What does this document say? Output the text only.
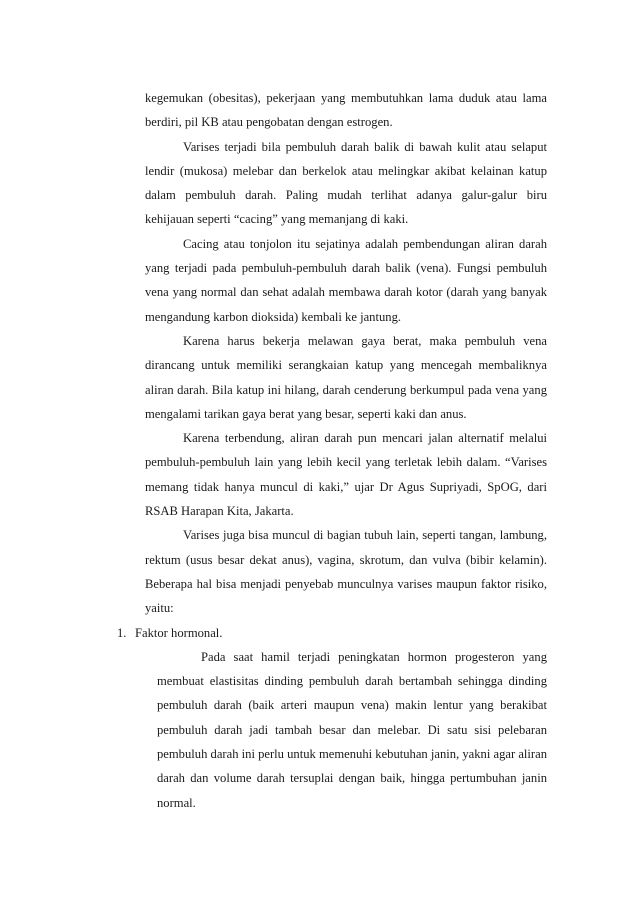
kegemukan (obesitas), pekerjaan yang membutuhkan lama duduk atau lama berdiri, pil KB atau pengobatan dengan estrogen.

Varises terjadi bila pembuluh darah balik di bawah kulit atau selaput lendir (mukosa) melebar dan berkelok atau melingkar akibat kelainan katup dalam pembuluh darah. Paling mudah terlihat adanya galur-galur biru kehijauan seperti “cacing” yang memanjang di kaki.

Cacing atau tonjolon itu sejatinya adalah pembendungan aliran darah yang terjadi pada pembuluh-pembuluh darah balik (vena). Fungsi pembuluh vena yang normal dan sehat adalah membawa darah kotor (darah yang banyak mengandung karbon dioksida) kembali ke jantung.

Karena harus bekerja melawan gaya berat, maka pembuluh vena dirancang untuk memiliki serangkaian katup yang mencegah membaliknya aliran darah. Bila katup ini hilang, darah cenderung berkumpul pada vena yang mengalami tarikan gaya berat yang besar, seperti kaki dan anus.

Karena terbendung, aliran darah pun mencari jalan alternatif melalui pembuluh-pembuluh lain yang lebih kecil yang terletak lebih dalam. “Varises memang tidak hanya muncul di kaki,” ujar Dr Agus Supriyadi, SpOG, dari RSAB Harapan Kita, Jakarta.

Varises juga bisa muncul di bagian tubuh lain, seperti tangan, lambung, rektum (usus besar dekat anus), vagina, skrotum, dan vulva (bibir kelamin). Beberapa hal bisa menjadi penyebab munculnya varises maupun faktor risiko, yaitu:

1. Faktor hormonal.

Pada saat hamil terjadi peningkatan hormon progesteron yang membuat elastisitas dinding pembuluh darah bertambah sehingga dinding pembuluh darah (baik arteri maupun vena) makin lentur yang berakibat pembuluh darah jadi tambah besar dan melebar. Di satu sisi pelebaran pembuluh darah ini perlu untuk memenuhi kebutuhan janin, yakni agar aliran darah dan volume darah tersuplai dengan baik, hingga pertumbuhan janin normal.
